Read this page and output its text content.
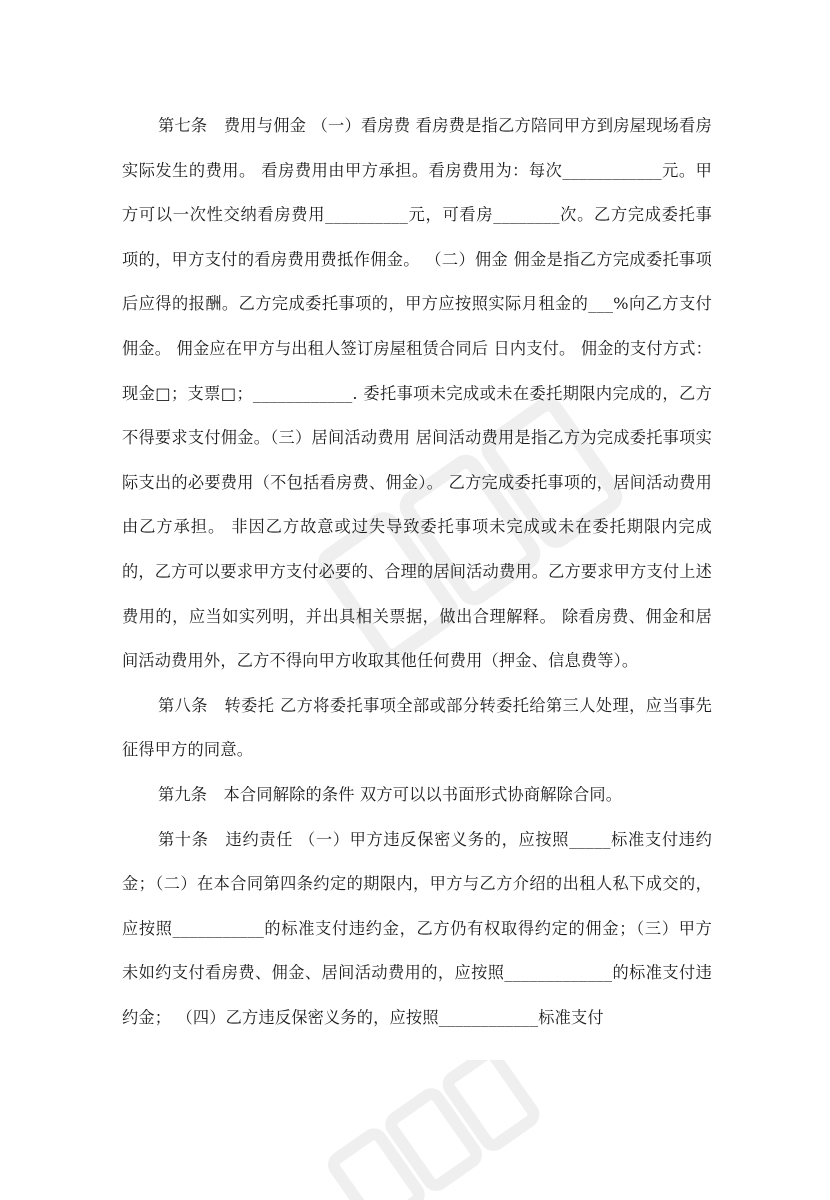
第七条　费用与佣金 （一）看房费 看房费是指乙方陪同甲方到房屋现场看房实际发生的费用。 看房费用由甲方承担。看房费用为：每次____________元。甲方可以一次性交纳看房费用__________元，可看房________次。乙方完成委托事项的，甲方支付的看房费用费抵作佣金。 （二）佣金 佣金是指乙方完成委托事项后应得的报酬。乙方完成委托事项的，甲方应按照实际月租金的___%向乙方支付佣金。 佣金应在甲方与出租人签订房屋租赁合同后 日内支付。 佣金的支付方式：现金□；支票□；____________. 委托事项未完成或未在委托期限内完成的，乙方不得要求支付佣金。（三）居间活动费用 居间活动费用是指乙方为完成委托事项实际支出的必要费用（不包括看房费、佣金）。 乙方完成委托事项的，居间活动费用由乙方承担。 非因乙方故意或过失导致委托事项未完成或未在委托期限内完成的，乙方可以要求甲方支付必要的、合理的居间活动费用。乙方要求甲方支付上述费用的，应当如实列明，并出具相关票据，做出合理解释。 除看房费、佣金和居间活动费用外，乙方不得向甲方收取其他任何费用（押金、信息费等）。

第八条　转委托 乙方将委托事项全部或部分转委托给第三人处理，应当事先征得甲方的同意。

第九条　本合同解除的条件 双方可以以书面形式协商解除合同。

第十条　违约责任 （一）甲方违反保密义务的，应按照_____标准支付违约金；（二）在本合同第四条约定的期限内，甲方与乙方介绍的出租人私下成交的，应按照___________的标准支付违约金，乙方仍有权取得约定的佣金；（三）甲方未如约支付看房费、佣金、居间活动费用的，应按照_____________的标准支付违约金； （四）乙方违反保密义务的，应按照____________标准支付
